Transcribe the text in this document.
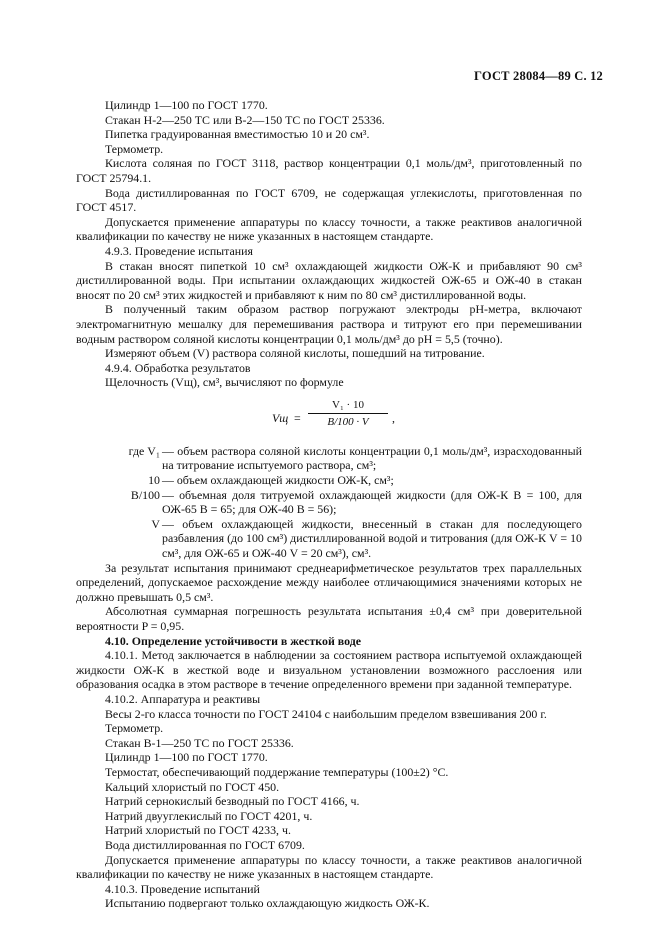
ГОСТ 28084—89 С. 12

Цилиндр 1—100 по ГОСТ 1770.

Стакан Н-2—250 ТС или В-2—150 ТС по ГОСТ 25336.

Пипетка градуированная вместимостью 10 и 20 см³.

Термометр.

Кислота соляная по ГОСТ 3118, раствор концентрации 0,1 моль/дм³, приготовленный по ГОСТ 25794.1.

Вода дистиллированная по ГОСТ 6709, не содержащая углекислоты, приготовленная по ГОСТ 4517.

Допускается применение аппаратуры по классу точности, а также реактивов аналогичной квалификации по качеству не ниже указанных в настоящем стандарте.

4.9.3. Проведение испытания

В стакан вносят пипеткой 10 см³ охлаждающей жидкости ОЖ-К и прибавляют 90 см³ дистиллированной воды. При испытании охлаждающих жидкостей ОЖ-65 и ОЖ-40 в стакан вносят по 20 см³ этих жидкостей и прибавляют к ним по 80 см³ дистиллированной воды.

В полученный таким образом раствор погружают электроды pH-метра, включают электромагнитную мешалку для перемешивания раствора и титруют его при перемешивании водным раствором соляной кислоты концентрации 0,1 моль/дм³ до pH = 5,5 (точно).

Измеряют объем (V) раствора соляной кислоты, пошедший на титрование.

4.9.4. Обработка результатов

Щелочность (Vщ), см³, вычисляют по формуле

Vщ = $\frac{\text{V₁ · 10}}{B/100 \cdot V}$ ,
где V₁ — объем раствора соляной кислоты концентрации 0,1 моль/дм³, израсходованный на титрование испытуемого раствора, см³;
10 — объем охлаждающей жидкости ОЖ-К, см³;
B/100 — объемная доля титруемой охлаждающей жидкости (для ОЖ-К B = 100, для ОЖ-65 B = 65; для ОЖ-40 B = 56);
V — объем охлаждающей жидкости, внесенный в стакан для последующего разбавления (до 100 см³) дистиллированной водой и титрования (для ОЖ-К V = 10 см³, для ОЖ-65 и ОЖ-40 V = 20 см³), см³.

За результат испытания принимают среднеарифметическое результатов трех параллельных определений, допускаемое расхождение между наиболее отличающимися значениями которых не должно превышать 0,5 см³.

Абсолютная суммарная погрешность результата испытания ±0,4 см³ при доверительной вероятности P = 0,95.

4.10. Определение устойчивости в жесткой воде

4.10.1. Метод заключается в наблюдении за состоянием раствора испытуемой охлаждающей жидкости ОЖ-К в жесткой воде и визуальном установлении возможного расслоения или образования осадка в этом растворе в течение определенного времени при заданной температуре.

4.10.2. Аппаратура и реактивы

Весы 2-го класса точности по ГОСТ 24104 с наибольшим пределом взвешивания 200 г.

Термометр.

Стакан В-1—250 ТС по ГОСТ 25336.

Цилиндр 1—100 по ГОСТ 1770.

Термостат, обеспечивающий поддержание температуры (100±2) °С.

Кальций хлористый по ГОСТ 450.

Натрий сернокислый безводный по ГОСТ 4166, ч.

Натрий двууглекислый по ГОСТ 4201, ч.

Натрий хлористый по ГОСТ 4233, ч.

Вода дистиллированная по ГОСТ 6709.

Допускается применение аппаратуры по классу точности, а также реактивов аналогичной квалификации по качеству не ниже указанных в настоящем стандарте.

4.10.3. Проведение испытаний

Испытанию подвергают только охлаждающую жидкость ОЖ-К.
